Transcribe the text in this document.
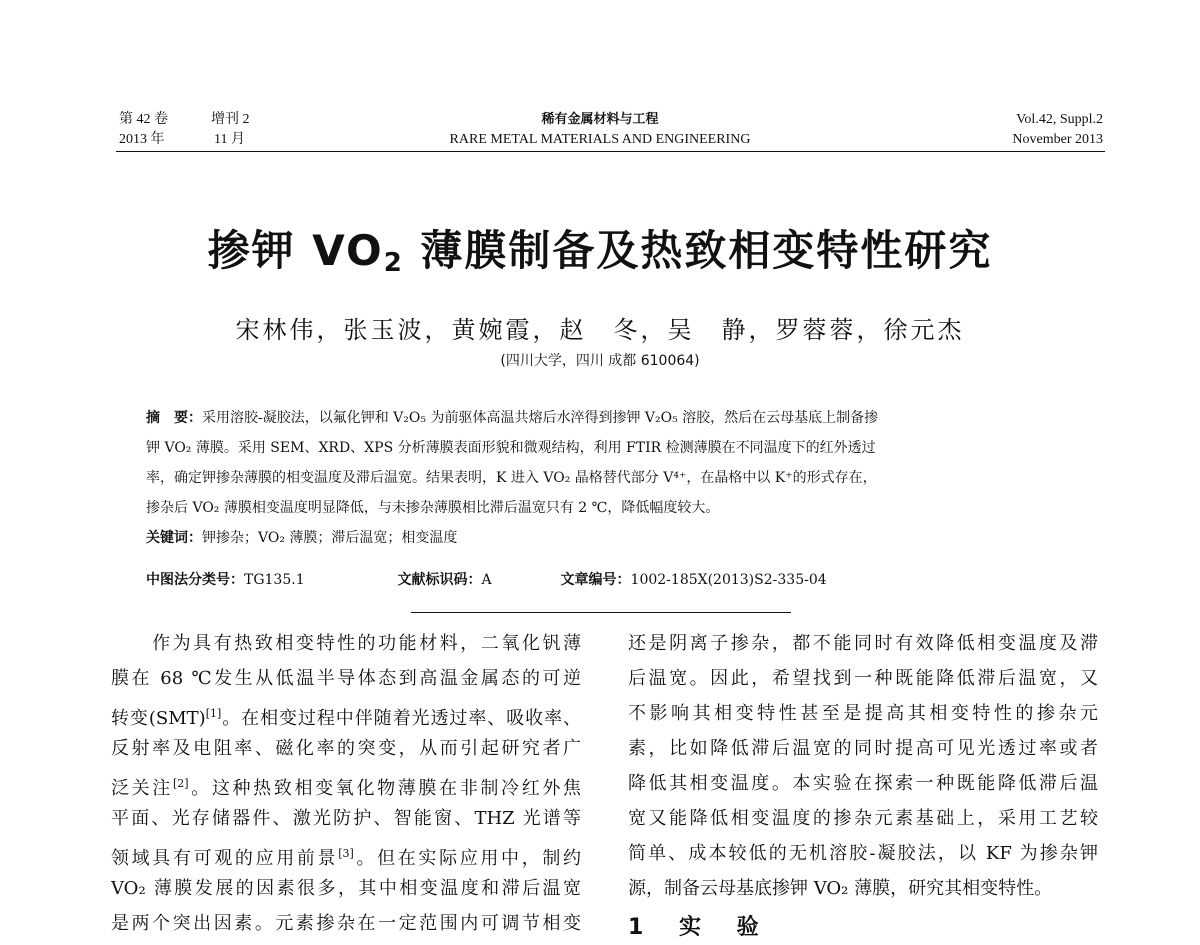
第 42 卷	增刊 2
2013 年	11 月
稀有金属材料与工程
RARE METAL MATERIALS AND ENGINEERING
Vol.42, Suppl.2
November 2013
掺钾 $VO_2$ 薄膜制备及热致相变特性研究
宋林伟，张玉波，黄婉霞，赵　冬，吴　静，罗蓉蓉，徐元杰
(四川大学，四川 成都 610064)
摘　要：采用溶胶-凝胶法，以氟化钾和 V₂O₅ 为前驱体高温共熔后水淬得到掺钾 V₂O₅ 溶胶，然后在云母基底上制备掺
钾 VO₂ 薄膜。采用 SEM、XRD、XPS 分析薄膜表面形貌和微观结构，利用 FTIR 检测薄膜在不同温度下的红外透过
率，确定钾掺杂薄膜的相变温度及滞后温宽。结果表明，K 进入 VO₂ 晶格替代部分 V⁴⁺，在晶格中以 K⁺的形式存在，
掺杂后 VO₂ 薄膜相变温度明显降低，与未掺杂薄膜相比滞后温宽只有 2 ℃，降低幅度较大。
关键词：钾掺杂；VO₂ 薄膜；滞后温宽；相变温度
中图法分类号：TG135.1	文献标识码：A	文章编号：1002-185X(2013)S2-335-04
　　作为具有热致相变特性的功能材料，二氧化钒薄
膜在 68 ℃发生从低温半导体态到高温金属态的可逆
转变(SMT)[1]。在相变过程中伴随着光透过率、吸收率、
反射率及电阻率、磁化率的突变，从而引起研究者广
泛关注[2]。这种热致相变氧化物薄膜在非制冷红外焦
平面、光存储器件、激光防护、智能窗、THZ 光谱等
领域具有可观的应用前景[3]。但在实际应用中，制约
VO₂ 薄膜发展的因素很多，其中相变温度和滞后温宽
是两个突出因素。元素掺杂在一定范围内可调节相变
还是阴离子掺杂，都不能同时有效降低相变温度及滞
后温宽。因此，希望找到一种既能降低滞后温宽，又
不影响其相变特性甚至是提高其相变特性的掺杂元
素，比如降低滞后温宽的同时提高可见光透过率或者
降低其相变温度。本实验在探索一种既能降低滞后温
宽又能降低相变温度的掺杂元素基础上，采用工艺较
简单、成本较低的无机溶胶-凝胶法，以 KF 为掺杂钾
源，制备云母基底掺钾 VO₂ 薄膜，研究其相变特性。
1 实 验
